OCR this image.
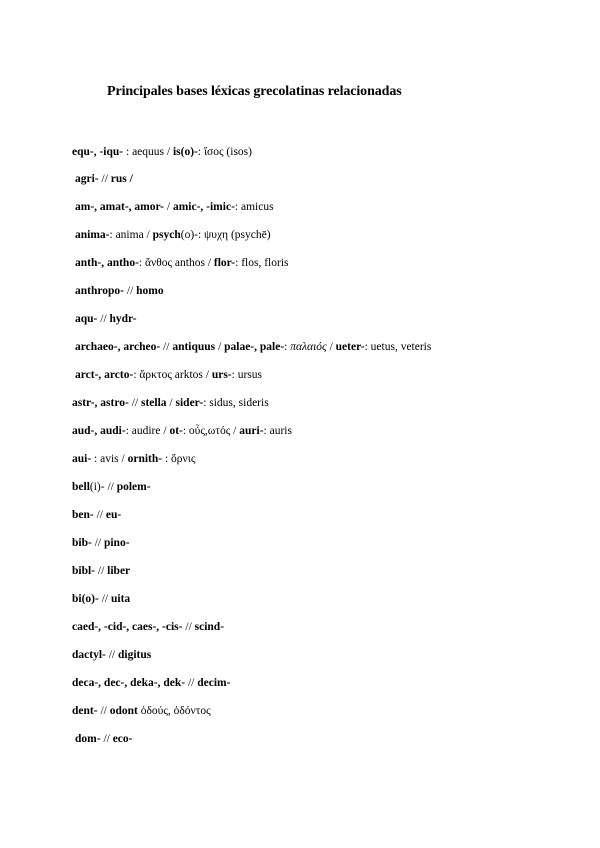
Principales bases léxicas grecolatinas relacionadas
equ-, -iqu- : aequus / is(o)-: ἴσος (isos)
agri- // rus /
am-, amat-, amor- / amic-, -imic-: amicus
anima-: anima / psych(o)-: ψυχη (psychē)
anth-, antho-: ἄνθος anthos / flor-: flos, floris
anthropo- // homo
aqu- // hydr-
archaeo-, archeo- // antiquus / palae-, pale-: παλαιός / ueter-: uetus, veteris
arct-, arcto-: ἄρκτος arktos / urs-: ursus
astr-, astro- // stella / sider-: sidus, sideris
aud-, audi-: audire / ot-: οὖς,ωτός / auri-: auris
aui- : avis / ornith- : ὄρνις
bell(i)- // polem-
ben- // eu-
bib- // pino-
bibl- // liber
bi(o)- // uita
caed-, -cid-, caes-, -cis- // scind-
dactyl- // digitus
deca-, dec-, deka-, dek- // decim-
dent- // odont ὀδούς, ὀδόντος
dom- // eco-
